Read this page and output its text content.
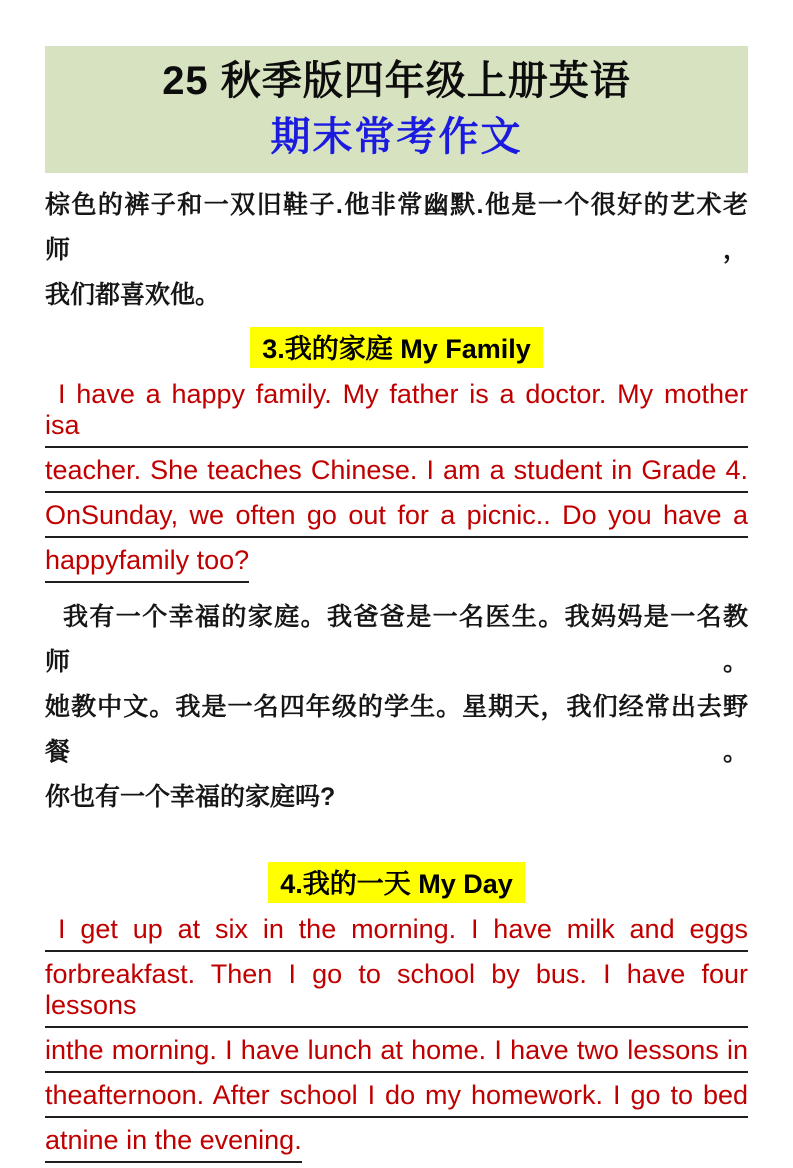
25 秋季版四年级上册英语
期末常考作文
棕色的裤子和一双旧鞋子.他非常幽默.他是一个很好的艺术老师，
我们都喜欢他。
3.我的家庭 My Family
I have a happy family. My father is a doctor. My mother isa
teacher. She teaches Chinese. I am a student in Grade 4.
OnSunday, we often go out for a picnic.. Do you have a
happyfamily too?
我有一个幸福的家庭。我爸爸是一名医生。我妈妈是一名教师。
她教中文。我是一名四年级的学生。星期天，我们经常出去野餐。
你也有一个幸福的家庭吗?
4.我的一天 My Day
I get up at six in the morning. I have milk and eggs
forbreakfast. Then I go to school by bus. I have four lessons
inthe morning. I have lunch at home. I have two lessons in
theafternoon. After school I do my homework. I go to bed
atnine in the evening.
